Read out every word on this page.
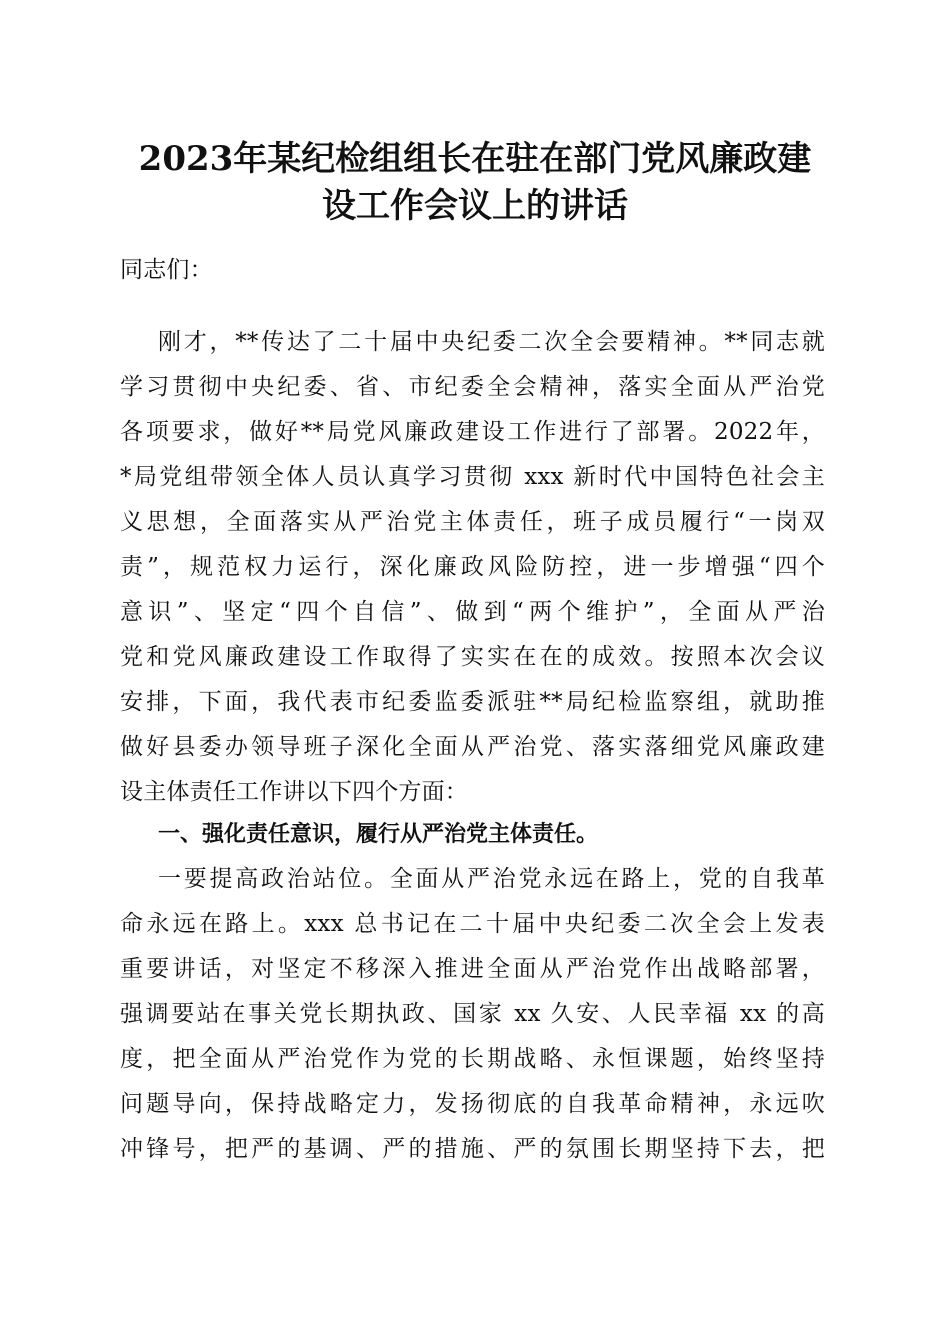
2023年某纪检组组长在驻在部门党风廉政建
设工作会议上的讲话
同志们：
刚才，**传达了二十届中央纪委二次全会要精神。**同志就
学习贯彻中央纪委、省、市纪委全会精神，落实全面从严治党
各项要求，做好**局党风廉政建设工作进行了部署。2022年，
*局党组带领全体人员认真学习贯彻 xxx 新时代中国特色社会主
义思想，全面落实从严治党主体责任，班子成员履行“一岗双
责”，规范权力运行，深化廉政风险防控，进一步增强“四个
意识”、坚定“四个自信”、做到“两个维护”，全面从严治
党和党风廉政建设工作取得了实实在在的成效。按照本次会议
安排，下面，我代表市纪委监委派驻**局纪检监察组，就助推
做好县委办领导班子深化全面从严治党、落实落细党风廉政建
设主体责任工作讲以下四个方面：
一、强化责任意识，履行从严治党主体责任。
一要提高政治站位。全面从严治党永远在路上，党的自我革
命永远在路上。xxx 总书记在二十届中央纪委二次全会上发表
重要讲话，对坚定不移深入推进全面从严治党作出战略部署，
强调要站在事关党长期执政、国家 xx 久安、人民幸福 xx 的高
度，把全面从严治党作为党的长期战略、永恒课题，始终坚持
问题导向，保持战略定力，发扬彻底的自我革命精神，永远吹
冲锋号，把严的基调、严的措施、严的氛围长期坚持下去，把
